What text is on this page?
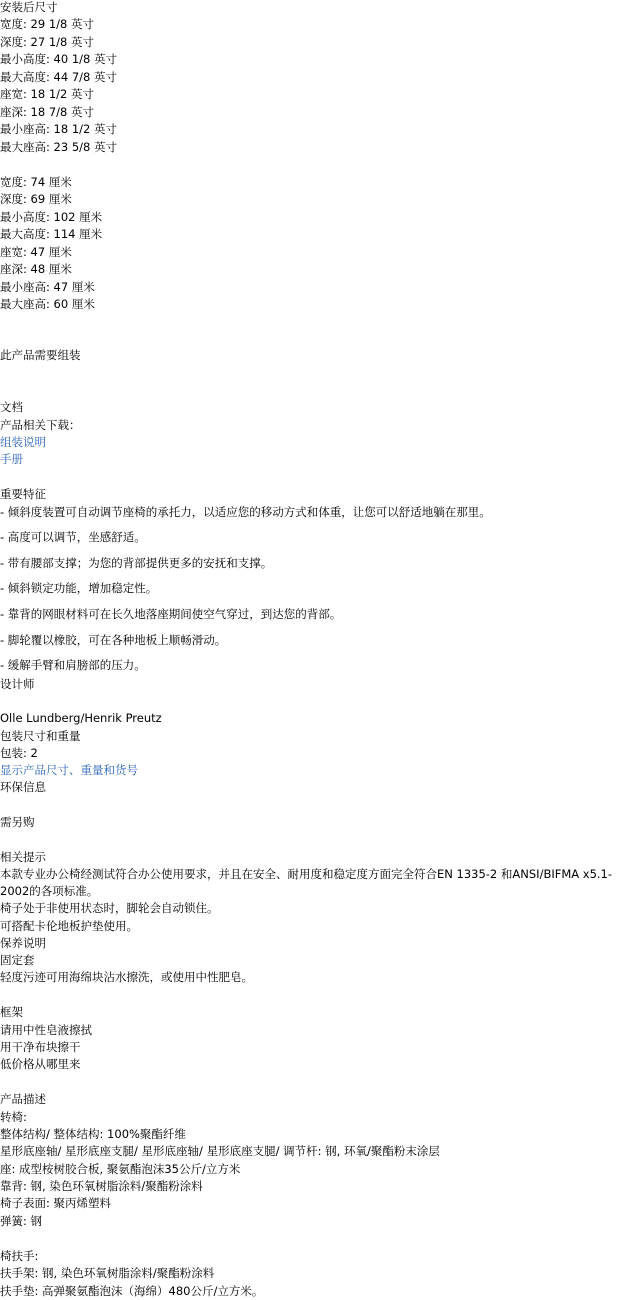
安装后尺寸
宽度: 29 1/8 英寸
深度: 27 1/8 英寸
最小高度: 40 1/8 英寸
最大高度: 44 7/8 英寸
座宽: 18 1/2 英寸
座深: 18 7/8 英寸
最小座高: 18 1/2 英寸
最大座高: 23 5/8 英寸
宽度: 74 厘米
深度: 69 厘米
最小高度: 102 厘米
最大高度: 114 厘米
座宽: 47 厘米
座深: 48 厘米
最小座高: 47 厘米
最大座高: 60 厘米
此产品需要组装
文档
产品相关下载：
组装说明
手册
重要特征
- 倾斜度装置可自动调节座椅的承托力，以适应您的移动方式和体重，让您可以舒适地躺在那里。
- 高度可以调节，坐感舒适。
- 带有腰部支撑；为您的背部提供更多的安抚和支撑。
- 倾斜锁定功能，增加稳定性。
- 靠背的网眼材料可在长久地落座期间使空气穿过，到达您的背部。
- 脚轮覆以橡胶，可在各种地板上顺畅滑动。
- 缓解手臂和肩膀部的压力。
设计师
Olle Lundberg/Henrik Preutz
包装尺寸和重量
包装: 2
显示产品尺寸、重量和货号
环保信息
需另购
相关提示
本款专业办公椅经测试符合办公使用要求，并且在安全、耐用度和稳定度方面完全符合EN 1335-2 和ANSI/BIFMA x5.1-
2002的各项标准。
椅子处于非使用状态时，脚轮会自动锁住。
可搭配卡伦地板护垫使用。
保养说明
固定套
轻度污迹可用海绵块沾水擦洗，或使用中性肥皂。
框架
请用中性皂液擦拭
用干净布块擦干
低价格从哪里来
产品描述
转椅:
整体结构/ 整体结构: 100%聚酯纤维
星形底座轴/ 星形底座支腿/ 星形底座轴/ 星形底座支腿/ 调节杆: 钢, 环氧/聚酯粉末涂层
座: 成型桉树胶合板, 聚氨酯泡沫35公斤/立方米
靠背: 钢, 染色环氧树脂涂料/聚酯粉涂料
椅子表面: 聚丙烯塑料
弹簧: 钢
椅扶手:
扶手架: 钢, 染色环氧树脂涂料/聚酯粉涂料
扶手垫: 高弹聚氨酯泡沫（海绵）480公斤/立方米。
